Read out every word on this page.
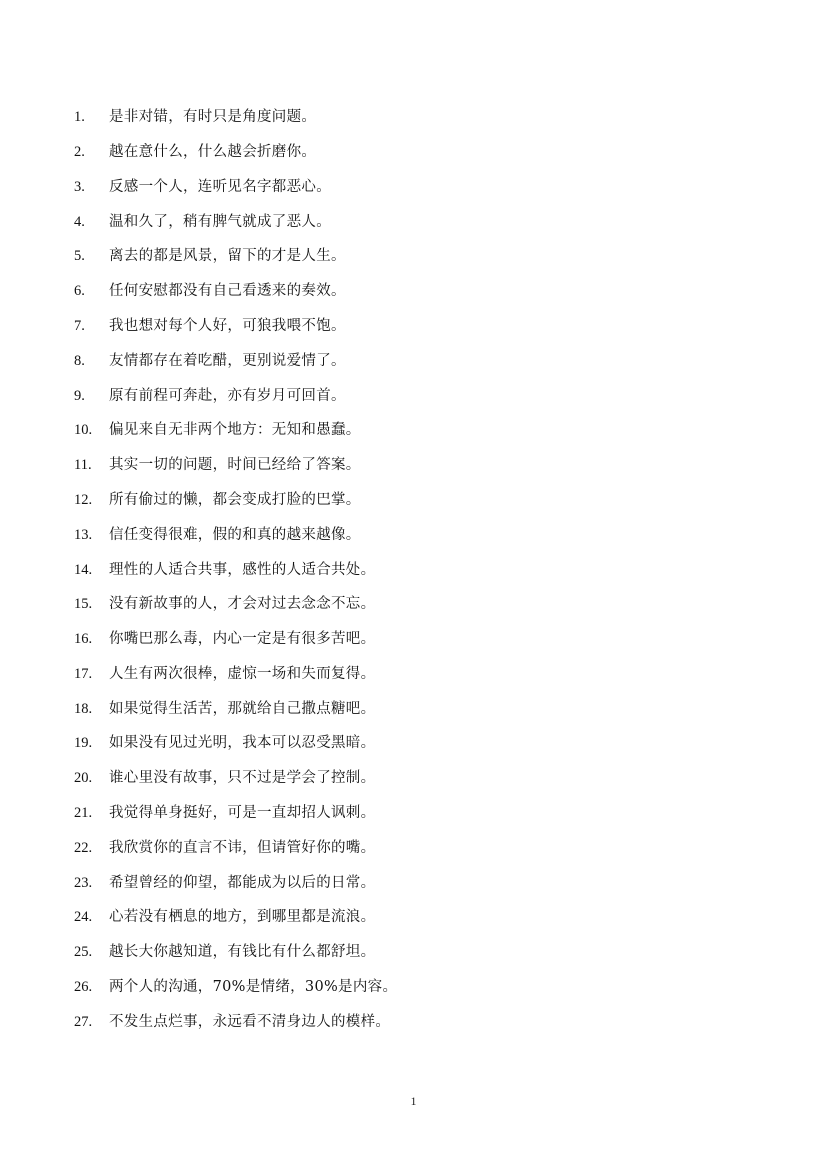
1.	是非对错，有时只是角度问题。
2.	越在意什么，什么越会折磨你。
3.	反感一个人，连听见名字都恶心。
4.	温和久了，稍有脾气就成了恶人。
5.	离去的都是风景，留下的才是人生。
6.	任何安慰都没有自己看透来的奏效。
7.	我也想对每个人好，可狼我喂不饱。
8.	友情都存在着吃醋，更别说爱情了。
9.	原有前程可奔赴，亦有岁月可回首。
10.	偏见来自无非两个地方：无知和愚蠢。
11.	其实一切的问题，时间已经给了答案。
12.	所有偷过的懒，都会变成打脸的巴掌。
13.	信任变得很难，假的和真的越来越像。
14.	理性的人适合共事，感性的人适合共处。
15.	没有新故事的人，才会对过去念念不忘。
16.	你嘴巴那么毒，内心一定是有很多苦吧。
17.	人生有两次很棒，虚惊一场和失而复得。
18.	如果觉得生活苦，那就给自己撒点糖吧。
19.	如果没有见过光明，我本可以忍受黑暗。
20.	谁心里没有故事，只不过是学会了控制。
21.	我觉得单身挺好，可是一直却招人讽刺。
22.	我欣赏你的直言不讳，但请管好你的嘴。
23.	希望曾经的仰望，都能成为以后的日常。
24.	心若没有栖息的地方，到哪里都是流浪。
25.	越长大你越知道，有钱比有什么都舒坦。
26.	两个人的沟通，70%是情绪，30%是内容。
27.	不发生点烂事，永远看不清身边人的模样。
1
